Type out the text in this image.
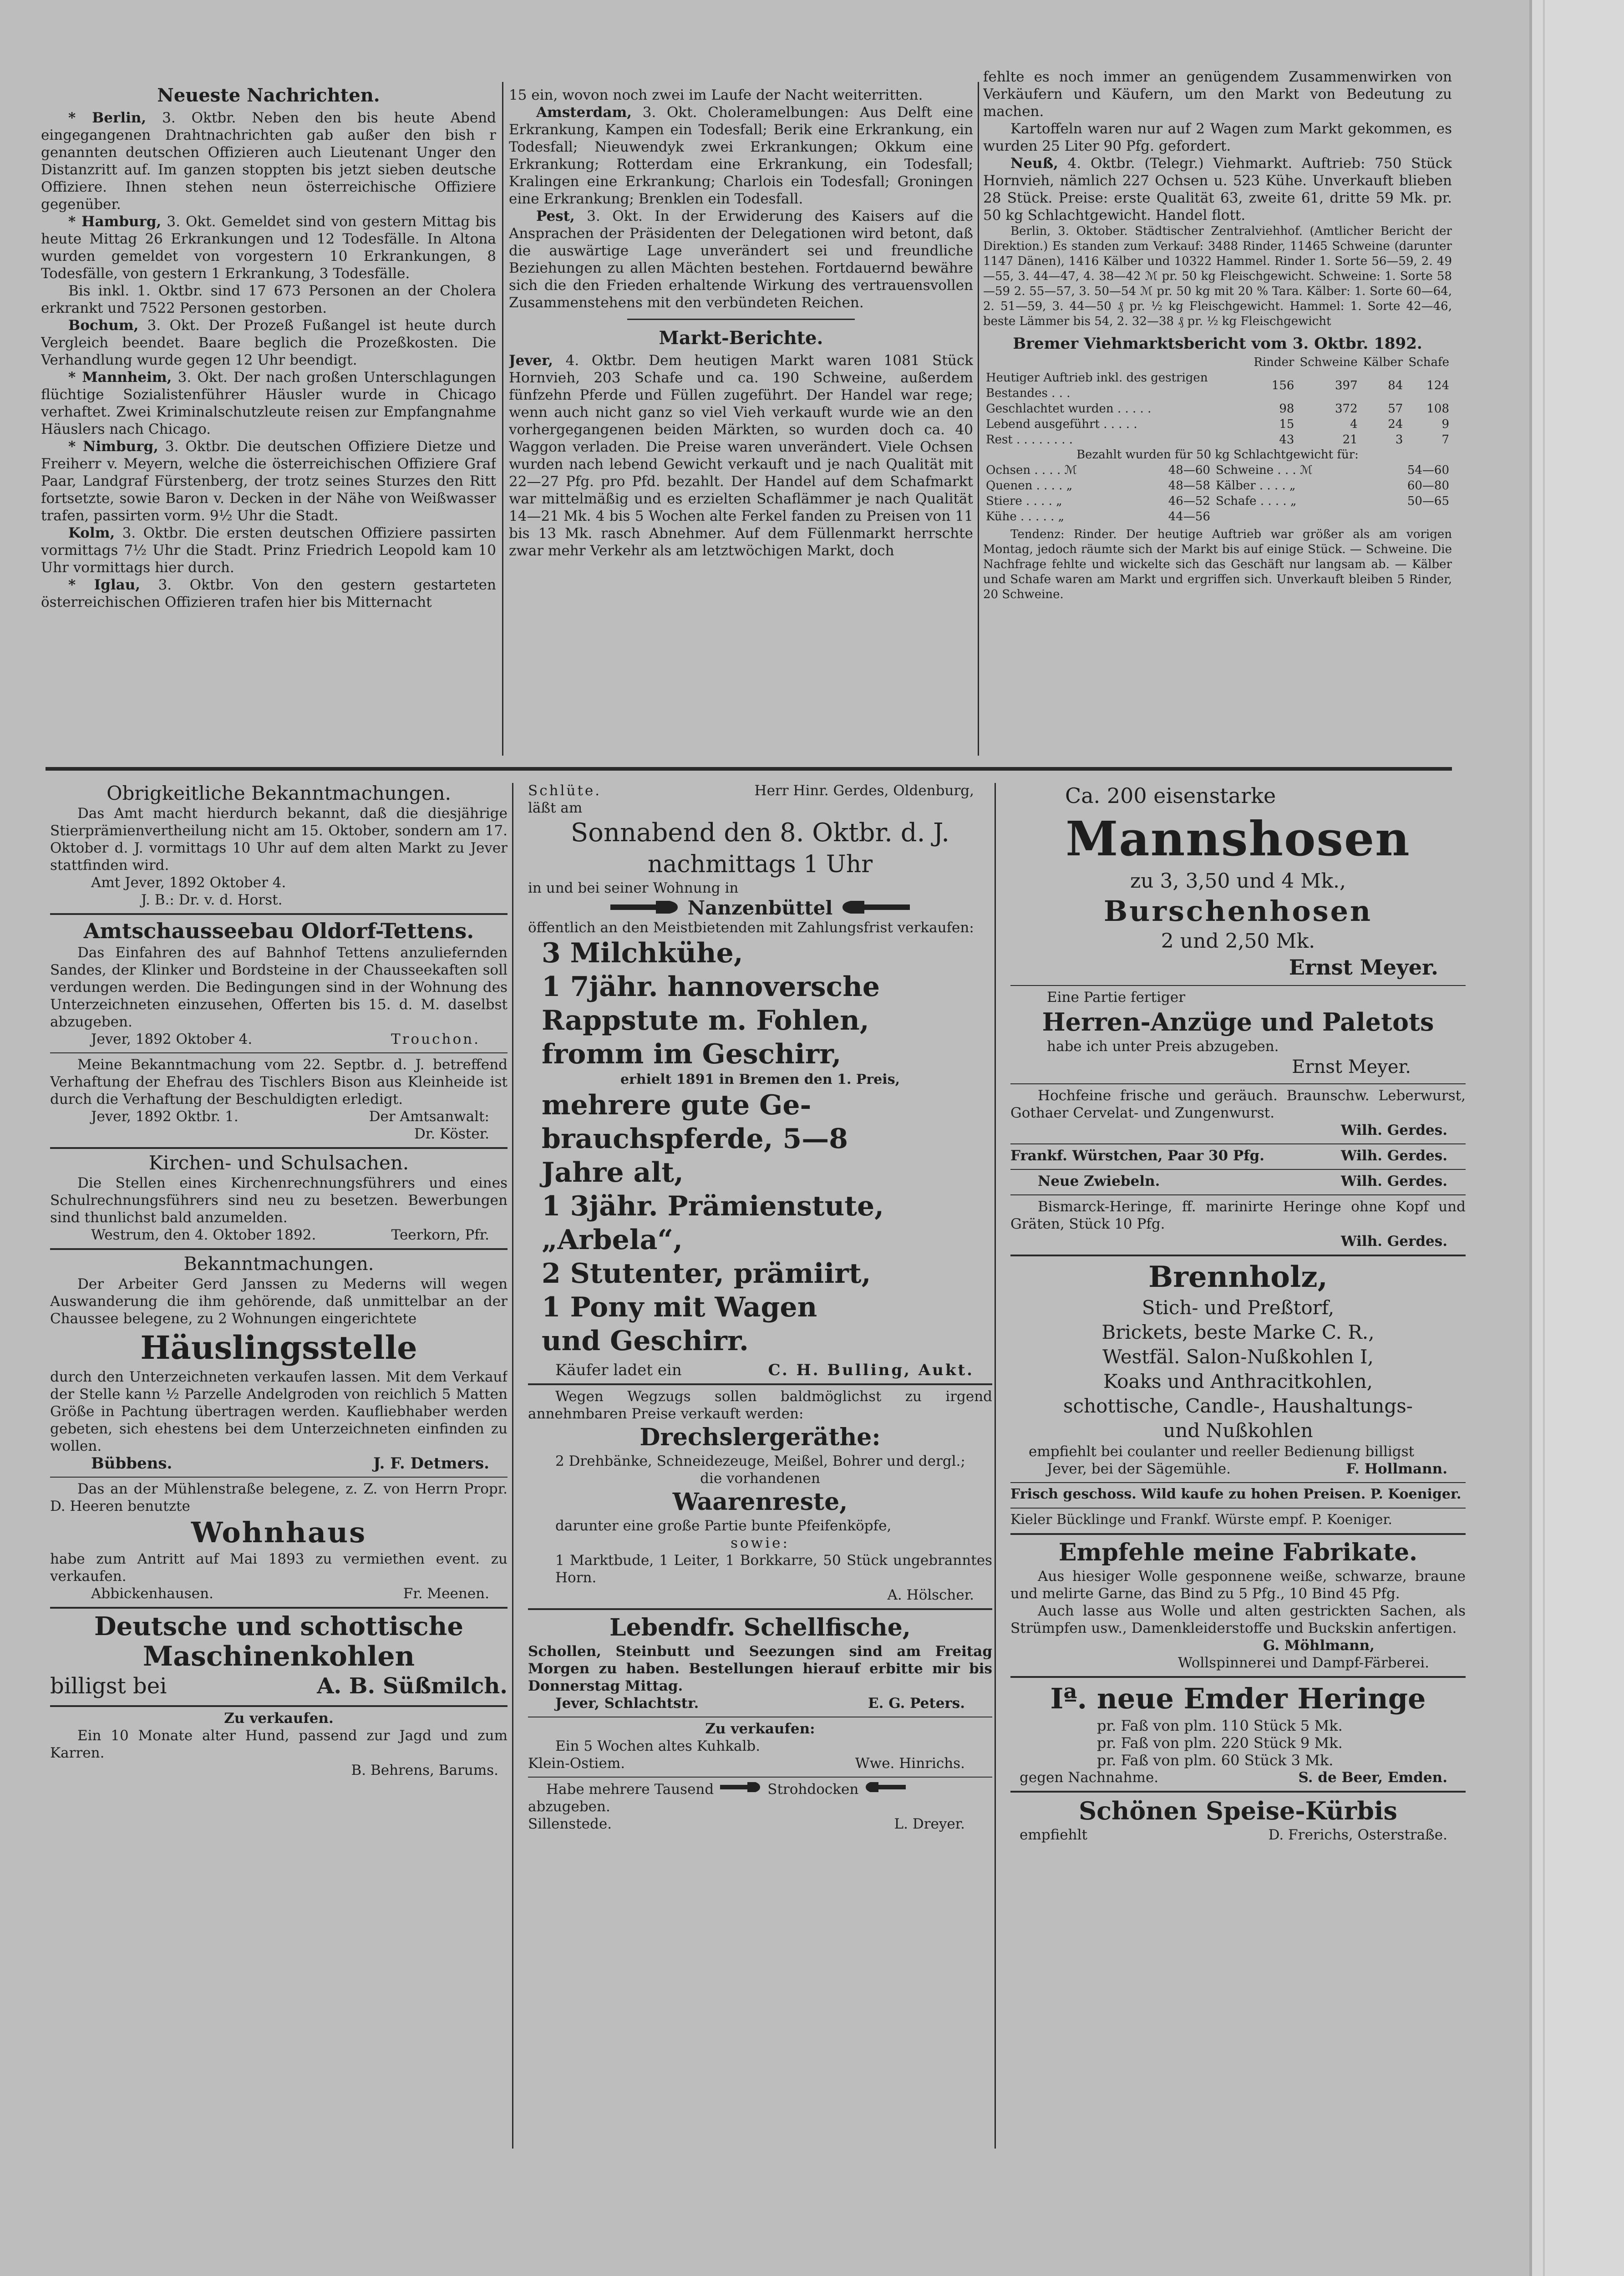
Neueste Nachrichten.

* Berlin, 3. Oktbr. Neben den bis heute Abend eingegangenen Drahtnachrichten gab außer den bish r genannten deutschen Offizieren auch Lieutenant Unger den Distanzritt auf. Im ganzen stoppten bis jetzt sieben deutsche Offiziere. Ihnen stehen neun österreichische Offiziere gegenüber.

* Hamburg, 3. Okt. Gemeldet sind von gestern Mittag bis heute Mittag 26 Erkrankungen und 12 Todesfälle. In Altona wurden gemeldet von vorgestern 10 Erkrankungen, 8 Todesfälle, von gestern 1 Erkrankung, 3 Todesfälle.

Bis inkl. 1. Oktbr. sind 17 673 Personen an der Cholera erkrankt und 7522 Personen gestorben.

Bochum, 3. Okt. Der Prozeß Fußangel ist heute durch Vergleich beendet. Baare beglich die Prozeßkosten. Die Verhandlung wurde gegen 12 Uhr beendigt.

* Mannheim, 3. Okt. Der nach großen Unterschlagungen flüchtige Sozialistenführer Häusler wurde in Chicago verhaftet. Zwei Kriminalschutzleute reisen zur Empfangnahme Häuslers nach Chicago.

* Nimburg, 3. Oktbr. Die deutschen Offiziere Dietze und Freiherr v. Meyern, welche die österreichischen Offiziere Graf Paar, Landgraf Fürstenberg, der trotz seines Sturzes den Ritt fortsetzte, sowie Baron v. Decken in der Nähe von Weißwasser trafen, passirten vorm. 9½ Uhr die Stadt.

Kolm, 3. Oktbr. Die ersten deutschen Offiziere passirten vormittags 7½ Uhr die Stadt. Prinz Friedrich Leopold kam 10 Uhr vormittags hier durch.

* Iglau, 3. Oktbr. Von den gestern gestarteten österreichischen Offizieren trafen hier bis Mitternacht

15 ein, wovon noch zwei im Laufe der Nacht weiterritten.

Amsterdam, 3. Okt. Choleramelbungen: Aus Delft eine Erkrankung, Kampen ein Todesfall; Berik eine Erkrankung, ein Todesfall; Nieuwendyk zwei Erkrankungen; Okkum eine Erkrankung; Rotterdam eine Erkrankung, ein Todesfall; Kralingen eine Erkrankung; Charlois ein Todesfall; Groningen eine Erkrankung; Brenklen ein Todesfall.

Pest, 3. Okt. In der Erwiderung des Kaisers auf die Ansprachen der Präsidenten der Delegationen wird betont, daß die auswärtige Lage unverändert sei und freundliche Beziehungen zu allen Mächten bestehen. Fortdauernd bewähre sich die den Frieden erhaltende Wirkung des vertrauensvollen Zusammenstehens mit den verbündeten Reichen.

Markt-Berichte.

Jever, 4. Oktbr. Dem heutigen Markt waren 1081 Stück Hornvieh, 203 Schafe und ca. 190 Schweine, außerdem fünfzehn Pferde und Füllen zugeführt. Der Handel war rege; wenn auch nicht ganz so viel Vieh verkauft wurde wie an den vorhergegangenen beiden Märkten, so wurden doch ca. 40 Waggon verladen. Die Preise waren unverändert. Viele Ochsen wurden nach lebend Gewicht verkauft und je nach Qualität mit 22—27 Pfg. pro Pfd. bezahlt. Der Handel auf dem Schafmarkt war mittelmäßig und es erzielten Schaflämmer je nach Qualität 14—21 Mk. 4 bis 5 Wochen alte Ferkel fanden zu Preisen von 11 bis 13 Mk. rasch Abnehmer. Auf dem Füllenmarkt herrschte zwar mehr Verkehr als am letztwöchigen Markt, doch

fehlte es noch immer an genügendem Zusammenwirken von Verkäufern und Käufern, um den Markt von Bedeutung zu machen.

Kartoffeln waren nur auf 2 Wagen zum Markt gekommen, es wurden 25 Liter 90 Pfg. gefordert.

Neuß, 4. Oktbr. (Telegr.) Viehmarkt. Auftrieb: 750 Stück Hornvieh, nämlich 227 Ochsen u. 523 Kühe. Unverkauft blieben 28 Stück. Preise: erste Qualität 63, zweite 61, dritte 59 Mk. pr. 50 kg Schlachtgewicht. Handel flott.

Berlin, 3. Oktober. Städtischer Zentralviehhof. (Amtlicher Bericht der Direktion.) Es standen zum Verkauf: 3488 Rinder, 11465 Schweine (darunter 1147 Dänen), 1416 Kälber und 10322 Hammel. Rinder 1. Sorte 56—59, 2. 49—55, 3. 44—47, 4. 38—42 ℳ pr. 50 kg Fleischgewicht. Schweine: 1. Sorte 58—59 2. 55—57, 3. 50—54 ℳ pr. 50 kg mit 20 % Tara. Kälber: 1. Sorte 60—64, 2. 51—59, 3. 44—50 ₰ pr. ½ kg Fleischgewicht. Hammel: 1. Sorte 42—46, beste Lämmer bis 54, 2. 32—38 ₰ pr. ½ kg Fleischgewicht

Bremer Viehmarktsbericht vom 3. Oktbr. 1892.

	Rinder	Schweine	Kälber	Schafe
Heutiger Auftrieb inkl. des gestrigen Bestandes . . .	156	397	84	124
Geschlachtet wurden . . . . .	98	372	57	108
Lebend ausgeführt . . . . .	15	4	24	9
Rest . . . . . . . .	43	21	3	7

Bezahlt wurden für 50 kg Schlachtgewicht für:

Ochsen . . . . ℳ	48—60	Schweine . . . ℳ	54—60
Quenen . . . . „	48—58	Kälber . . . . „	60—80
Stiere . . . . „	46—52	Schafe . . . . „	50—65
Kühe . . . . . „	44—56		

Tendenz: Rinder. Der heutige Auftrieb war größer als am vorigen Montag, jedoch räumte sich der Markt bis auf einige Stück. — Schweine. Die Nachfrage fehlte und wickelte sich das Geschäft nur langsam ab. — Kälber und Schafe waren am Markt und ergriffen sich. Unverkauft bleiben 5 Rinder, 20 Schweine.

Obrigkeitliche Bekanntmachungen.

Das Amt macht hierdurch bekannt, daß die diesjährige Stierprämienvertheilung nicht am 15. Oktober, sondern am 17. Oktober d. J. vormittags 10 Uhr auf dem alten Markt zu Jever stattfinden wird.

Amt Jever, 1892 Oktober 4.

J. B.: Dr. v. d. Horst.

Amtschausseebau Oldorf-Tettens.

Das Einfahren des auf Bahnhof Tettens anzuliefernden Sandes, der Klinker und Bordsteine in der Chausseekaften soll verdungen werden. Die Bedingungen sind in der Wohnung des Unterzeichneten einzusehen, Offerten bis 15. d. M. daselbst abzugeben.

Jever, 1892 Oktober 4.	Trouchon.

Meine Bekanntmachung vom 22. Septbr. d. J. betreffend Verhaftung der Ehefrau des Tischlers Bison aus Kleinheide ist durch die Verhaftung der Beschuldigten erledigt.

Jever, 1892 Oktbr. 1.	Der Amtsanwalt:

Dr. Köster.

Kirchen- und Schulsachen.

Die Stellen eines Kirchenrechnungsführers und eines Schulrechnungsführers sind neu zu besetzen. Bewerbungen sind thunlichst bald anzumelden.

Westrum, den 4. Oktober 1892.	Teerkorn, Pfr.

Bekanntmachungen.

Der Arbeiter Gerd Janssen zu Mederns will wegen Auswanderung die ihm gehörende, daß unmittelbar an der Chaussee belegene, zu 2 Wohnungen eingerichtete

Häuslingsstelle

durch den Unterzeichneten verkaufen lassen. Mit dem Verkauf der Stelle kann ½ Parzelle Andelgroden von reichlich 5 Matten Größe in Pachtung übertragen werden. Kaufliebhaber werden gebeten, sich ehestens bei dem Unterzeichneten einfinden zu wollen.

Bübbens.	J. F. Detmers.

Das an der Mühlenstraße belegene, z. Z. von Herrn Propr. D. Heeren benutzte

Wohnhaus

habe zum Antritt auf Mai 1893 zu vermiethen event. zu verkaufen.

Abbickenhausen.	Fr. Meenen.

Deutsche und schottische

Maschinenkohlen

billigst bei	A. B. Süßmilch.

Zu verkaufen.

Ein 10 Monate alter Hund, passend zur Jagd und zum Karren.

B. Behrens, Barums.

Schlüte.	Herr Hinr. Gerdes, Oldenburg,

läßt am

Sonnabend den 8. Oktbr. d. J.

nachmittags 1 Uhr

in und bei seiner Wohnung in

Nanzenbüttel

öffentlich an den Meistbietenden mit Zahlungsfrist verkaufen:

3 Milchkühe,

1 7jähr. hannoversche

Rappstute m. Fohlen,

fromm im Geschirr,

erhielt 1891 in Bremen den 1. Preis,

mehrere gute Ge-

brauchspferde, 5—8

Jahre alt,

1 3jähr. Prämienstute,

„Arbela“,

2 Stutenter, prämiirt,

1 Pony mit Wagen

und Geschirr.

Käufer ladet ein	C. H. Bulling, Aukt.

Wegen Wegzugs sollen baldmöglichst zu irgend annehmbaren Preise verkauft werden:

Drechslergeräthe:

2 Drehbänke, Schneidezeuge, Meißel, Bohrer und dergl.;

die vorhandenen

Waarenreste,

darunter eine große Partie bunte Pfeifenköpfe,

sowie:

1 Marktbude, 1 Leiter, 1 Borkkarre, 50 Stück ungebranntes Horn.

A. Hölscher.

Lebendfr. Schellfische,

Schollen, Steinbutt und Seezungen sind am Freitag Morgen zu haben. Bestellungen hierauf erbitte mir bis Donnerstag Mittag.

Jever, Schlachtstr.	E. G. Peters.

Zu verkaufen:

Ein 5 Wochen altes Kuhkalb.

Klein-Ostiem.	Wwe. Hinrichs.
Habe mehrere Tausend	Strohdocken

abzugeben.

Sillenstede.	L. Dreyer.

Ca. 200 eisenstarke

Mannshosen

zu 3, 3,50 und 4 Mk.,

Burschenhosen

2 und 2,50 Mk.

Ernst Meyer.

Eine Partie fertiger

Herren-Anzüge und Paletots

habe ich unter Preis abzugeben.

Ernst Meyer.

Hochfeine frische und geräuch. Braunschw. Leberwurst, Gothaer Cervelat- und Zungenwurst.

Wilh. Gerdes.

Frankf. Würstchen, Paar 30 Pfg.	Wilh. Gerdes.
Neue Zwiebeln.	Wilh. Gerdes.

Bismarck-Heringe, ff. marinirte Heringe ohne Kopf und Gräten, Stück 10 Pfg.

Wilh. Gerdes.

Brennholz,

Stich- und Preßtorf,

Brickets, beste Marke C. R.,

Westfäl. Salon-Nußkohlen I,

Koaks und Anthracitkohlen,

schottische, Candle-, Haushaltungs-

und Nußkohlen

empfiehlt bei coulanter und reeller Bedienung billigst

Jever, bei der Sägemühle.	F. Hollmann.

Frisch geschoss. Wild kaufe zu hohen Preisen. P. Koeniger.

Kieler Bücklinge und Frankf. Würste empf. P. Koeniger.

Empfehle meine Fabrikate.

Aus hiesiger Wolle gesponnene weiße, schwarze, braune und melirte Garne, das Bind zu 5 Pfg., 10 Bind 45 Pfg.

Auch lasse aus Wolle und alten gestrickten Sachen, als Strümpfen usw., Damenkleiderstoffe und Buckskin anfertigen.

G. Möhlmann,

Wollspinnerei und Dampf-Färberei.

Iª. neue Emder Heringe

pr. Faß von plm. 110 Stück 5 Mk.

pr. Faß von plm. 220 Stück 9 Mk.

pr. Faß von plm. 60 Stück 3 Mk.

gegen Nachnahme.	S. de Beer, Emden.

Schönen Speise-Kürbis

empfiehlt	D. Frerichs, Osterstraße.
